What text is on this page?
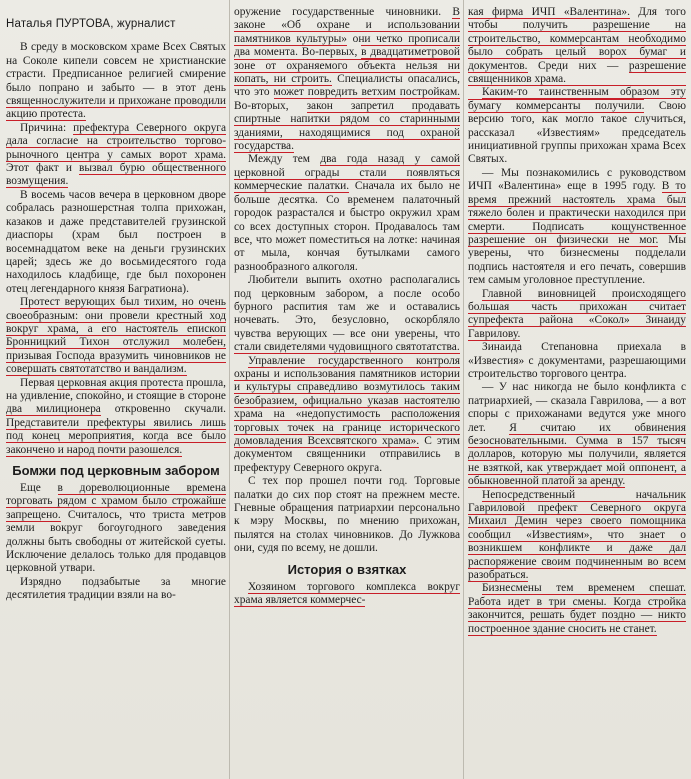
Наталья ПУРТОВА, журналист

В среду в московском храме Всех Святых на Соколе кипели совсем не христианские страсти. Предписанное религией смирение было попрано и забыто — в этот день священнослужители и прихожане проводили акцию протеста.

Причина: префектура Северного округа дала согласие на строительство торгово-рыночного центра у самых ворот храма. Этот факт и вызвал бурю общественного возмущения.

В восемь часов вечера в церковном дворе собралась разношерстная толпа прихожан, казаков и даже представителей грузинской диаспоры (храм был построен в восемнадцатом веке на деньги грузинских царей; здесь же до восьмидесятого года находилось кладбище, где был похоронен отец легендарного князя Багратиона).

Протест верующих был тихим, но очень своеобразным: они провели крестный ход вокруг храма, а его настоятель епископ Бронницкий Тихон отслужил молебен, призывая Господа вразумить чиновников не совершать святотатство и вандализм.

Первая церковная акция протеста прошла, на удивление, спокойно, и стоящие в стороне два милиционера откровенно скучали. Представители префектуры явились лишь под конец мероприятия, когда все было закончено и народ почти разошелся.

Бомжи под церковным забором

Еще в дореволюционные времена торговать рядом с храмом было строжайше запрещено. Считалось, что триста метров земли вокруг богоугодного заведения должны быть свободны от житейской суеты. Исключение делалось только для продавцов церковной утвари.

Изрядно подзабытые за многие десятилетия традиции взяли на во-

оружение государственные чиновники. В законе «Об охране и использовании памятников культуры» они четко прописали два момента. Во-первых, в двадцатиметровой зоне от охраняемого объекта нельзя ни копать, ни строить. Специалисты опасались, что это может повредить ветхим постройкам. Во-вторых, закон запретил продавать спиртные напитки рядом со старинными зданиями, находящимися под охраной государства.

Между тем два года назад у самой церковной ограды стали появляться коммерческие палатки. Сначала их было не больше десятка. Со временем палаточный городок разрастался и быстро окружил храм со всех доступных сторон. Продавалось там все, что может поместиться на лотке: начиная от мыла, кончая бутылками самого разнообразного алкоголя.

Любители выпить охотно располагались под церковным забором, а после особо бурного распития там же и оставались ночевать. Это, безусловно, оскорбляло чувства верующих — все они уверены, что стали свидетелями чудовищного святотатства.

Управление государственного контроля охраны и использования памятников истории и культуры справедливо возмутилось таким безобразием, официально указав настоятелю храма на «недопустимость расположения торговых точек на границе исторического домовладения Всехсвятского храма». С этим документом священники отправились в префектуру Северного округа.

С тех пор прошел почти год. Торговые палатки до сих пор стоят на прежнем месте. Гневные обращения патриархии персонально к мэру Москвы, по мнению прихожан, пылятся на столах чиновников. До Лужкова они, судя по всему, не дошли.

История о взятках

Хозяином торгового комплекса вокруг храма является коммерчес-

кая фирма ИЧП «Валентина». Для того чтобы получить разрешение на строительство, коммерсантам необходимо было собрать целый ворох бумаг и документов. Среди них — разрешение священников храма.

Каким-то таинственным образом эту бумагу коммерсанты получили. Свою версию того, как могло такое случиться, рассказал «Известиям» председатель инициативной группы прихожан храма Всех Святых.

— Мы познакомились с руководством ИЧП «Валентина» еще в 1995 году. В то время прежний настоятель храма был тяжело болен и практически находился при смерти. Подписать кощунственное разрешение он физически не мог. Мы уверены, что бизнесмены подделали подпись настоятеля и его печать, совершив тем самым уголовное преступление.

Главной виновницей происходящего большая часть прихожан считает супрефекта района «Сокол» Зинаиду Гаврилову.

Зинаида Степановна приехала в «Известия» с документами, разрешающими строительство торгового центра.

— У нас никогда не было конфликта с патриархией, — сказала Гаврилова, — а вот споры с прихожанами ведутся уже много лет. Я считаю их обвинения безосновательными. Сумма в 157 тысяч долларов, которую мы получили, является не взяткой, как утверждает мой оппонент, а обыкновенной платой за аренду.

Непосредственный начальник Гавриловой префект Северного округа Михаил Демин через своего помощника сообщил «Известиям», что знает о возникшем конфликте и даже дал распоряжение своим подчиненным во всем разобраться.

Бизнесмены тем временем спешат. Работа идет в три смены. Когда стройка закончится, решать будет поздно — никто построенное здание сносить не станет.
